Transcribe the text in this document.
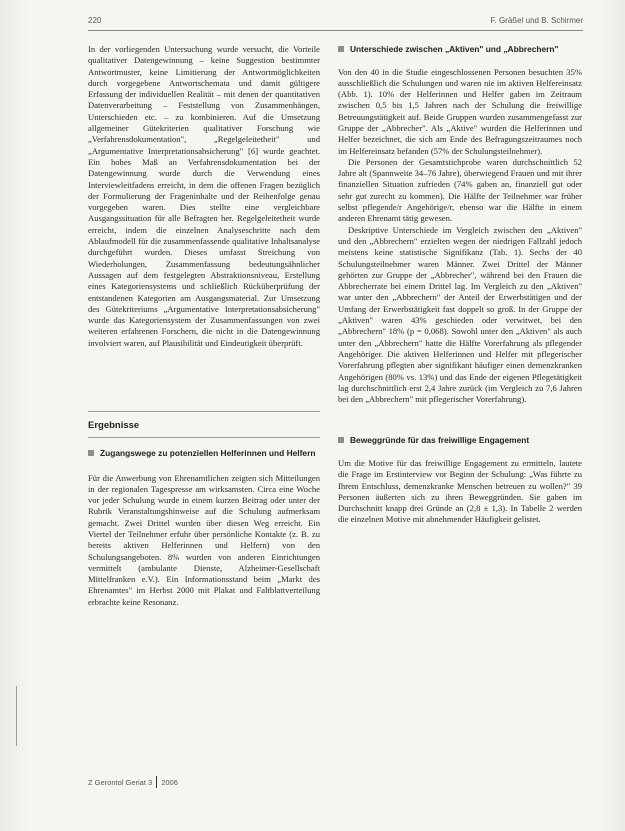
220	F. Gräßel und B. Schirmer

In der vorliegenden Untersuchung wurde versucht, die Vorteile qualitativer Datengewinnung – keine Suggestion bestimmter Antwortmuster, keine Limitierung der Antwortmöglichkeiten durch vorgegebene Antwortschemata und damit gültigere Erfassung der individuellen Realität – mit denen der quantitativen Datenverarbeitung – Feststellung von Zusammenhängen, Unterschieden etc. – zu kombinieren. Auf die Umsetzung allgemeiner Gütekriterien qualitativer Forschung wie „Verfahrensdokumentation", „Regelgeleitetheit" und „Argumentative Interpretationsabsicherung" [6] wurde geachtet. Ein hohes Maß an Verfahrensdokumentation bei der Datengewinnung wurde durch die Verwendung eines Interviewleitfadens erreicht, in dem die offenen Fragen bezüglich der Formulierung der Frageninhalte und der Reihenfolge genau vorgegeben waren. Dies stellte eine vergleichbare Ausgangssituation für alle Befragten her. Regelgeleitetheit wurde erreicht, indem die einzelnen Analyseschritte nach dem Ablaufmodell für die zusammenfassende qualitative Inhaltsanalyse durchgeführt wurden. Dieses umfasst Streichung von Wiederholungen, Zusammenfassung bedeutungsähnlicher Aussagen auf dem festgelegten Abstraktionsniveau, Erstellung eines Kategoriensystems und schließlich Rücküberprüfung der entstandenen Kategorien am Ausgangsmaterial. Zur Umsetzung des Gütekriteriums „Argumentative Interpretationsabsicherung" wurde das Kategoriensystem der Zusammenfassungen von zwei weiteren erfahrenen Forschern, die nicht in die Datengewinnung involviert waren, auf Plausibilität und Eindeutigkeit überprüft.

Ergebnisse

Zugangswege zu potenziellen Helferinnen und Helfern

Für die Anwerbung von Ehrenamtlichen zeigten sich Mitteilungen in der regionalen Tagespresse am wirksamsten. Circa eine Woche vor jeder Schulung wurde in einem kurzen Beitrag oder unter der Rubrik Veranstaltungshinweise auf die Schulung aufmerksam gemacht. Zwei Drittel wurden über diesen Weg erreicht. Ein Viertel der Teilnehmer erfuhr über persönliche Kontakte (z. B. zu bereits aktiven Helferinnen und Helfern) von den Schulungsangeboten. 8% wurden von anderen Einrichtungen vermittelt (ambulante Dienste, Alzheimer-Gesellschaft Mittelfranken e.V.). Ein Informationsstand beim „Markt des Ehrenamtes" im Herbst 2000 mit Plakat und Faltblattverteilung erbrachte keine Resonanz.

Unterschiede zwischen „Aktiven" und „Abbrechern"

Von den 40 in die Studie eingeschlossenen Personen besuchten 35% ausschließlich die Schulungen und waren nie im aktiven Helfereinsatz (Abb. 1). 10% der Helferinnen und Helfer gaben im Zeitraum zwischen 0,5 bis 1,5 Jahren nach der Schulung die freiwillige Betreuungstätigkeit auf. Beide Gruppen wurden zusammengefasst zur Gruppe der „Abbrecher". Als „Aktive" wurden die Helferinnen und Helfer bezeichnet, die sich am Ende des Befragungszeitraumes noch im Helfereinsatz befanden (57% der Schulungsteilnehmer).

Die Personen der Gesamtstichprobe waren durchschnittlich 52 Jahre alt (Spannweite 34–76 Jahre), überwiegend Frauen und mit ihrer finanziellen Situation zufrieden (74% gaben an, finanziell gut oder sehr gut zurecht zu kommen). Die Hälfte der Teilnehmer war früher selbst pflegende/r Angehörige/r, ebenso war die Hälfte in einem anderen Ehrenamt tätig gewesen.

Deskriptive Unterschiede im Vergleich zwischen den „Aktiven" und den „Abbrechern" erzielten wegen der niedrigen Fallzahl jedoch meistens keine statistische Signifikanz (Tab. 1). Sechs der 40 Schulungsteilnehmer waren Männer. Zwei Drittel der Männer gehörten zur Gruppe der „Abbrecher", während bei den Frauen die Abbrecherrate bei einem Drittel lag. Im Vergleich zu den „Aktiven" war unter den „Abbrechern" der Anteil der Erwerbstätigen und der Umfang der Erwerbstätigkeit fast doppelt so groß. In der Gruppe der „Aktiven" waren 43% geschieden oder verwitwet, bei den „Abbrechern" 18% (p = 0,068). Sowohl unter den „Aktiven" als auch unter den „Abbrechern" hatte die Hälfte Vorerfahrung als pflegender Angehöriger. Die aktiven Helferinnen und Helfer mit pflegerischer Vorerfahrung pflegten aber signifikant häufiger einen demenzkranken Angehörigen (80% vs. 13%) und das Ende der eigenen Pflegetätigkeit lag durchschnittlich erst 2,4 Jahre zurück (im Vergleich zu 7,6 Jahren bei den „Abbrechern" mit pflegerischer Vorerfahrung).

Beweggründe für das freiwillige Engagement

Um die Motive für das freiwillige Engagement zu ermitteln, lautete die Frage im Erstinterview vor Beginn der Schulung: „Was führte zu Ihrem Entschluss, demenzkranke Menschen betreuen zu wollen?" 39 Personen äußerten sich zu ihren Beweggründen. Sie gaben im Durchschnitt knapp drei Gründe an (2,8 ± 1,3). In Tabelle 2 werden die einzelnen Motive mit abnehmender Häufigkeit gelistet.

Z Gerontol Geriat 3 2006
